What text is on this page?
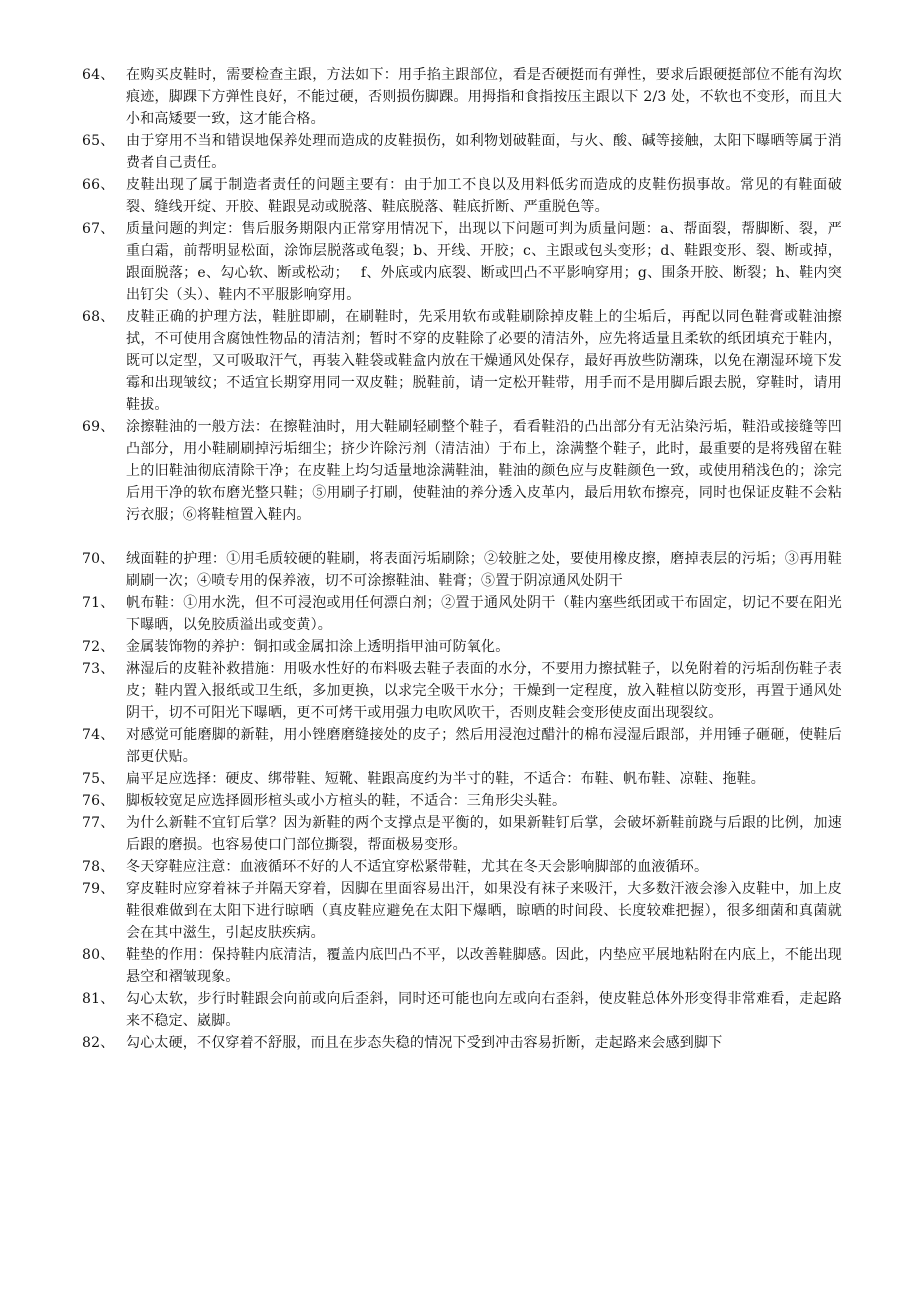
64、 在购买皮鞋时，需要检查主跟，方法如下：用手掐主跟部位，看是否硬挺而有弹性，要求后跟硬挺部位不能有沟坎痕迹，脚踝下方弹性良好，不能过硬，否则损伤脚踝。用拇指和食指按压主跟以下 2/3 处，不软也不变形，而且大小和高矮要一致，这才能合格。

65、 由于穿用不当和错误地保养处理而造成的皮鞋损伤，如利物划破鞋面，与火、酸、碱等接触，太阳下曝晒等属于消费者自己责任。

66、 皮鞋出现了属于制造者责任的问题主要有：由于加工不良以及用料低劣而造成的皮鞋伤损事故。常见的有鞋面破裂、缝线开绽、开胶、鞋跟晃动或脱落、鞋底脱落、鞋底折断、严重脱色等。

67、 质量问题的判定：售后服务期限内正常穿用情况下，出现以下问题可判为质量问题：a、帮面裂，帮脚断、裂，严重白霜，前帮明显松面，涂饰层脱落或龟裂；b、开线、开胶；c、主跟或包头变形；d、鞋跟变形、裂、断或掉，跟面脱落；e、勾心软、断或松动；　 f、外底或内底裂、断或凹凸不平影响穿用；g、围条开胶、断裂；h、鞋内突出钉尖（头）、鞋内不平服影响穿用。

68、 皮鞋正确的护理方法，鞋脏即刷，在刷鞋时，先采用软布或鞋刷除掉皮鞋上的尘垢后，再配以同色鞋膏或鞋油擦拭，不可使用含腐蚀性物品的清洁剂；暂时不穿的皮鞋除了必要的清洁外，应先将适量且柔软的纸团填充于鞋内，既可以定型，又可吸取汗气，再装入鞋袋或鞋盒内放在干燥通风处保存，最好再放些防潮珠，以免在潮湿环境下发霉和出现皱纹；不适宜长期穿用同一双皮鞋；脱鞋前，请一定松开鞋带，用手而不是用脚后跟去脱，穿鞋时，请用鞋拔。

69、 涂擦鞋油的一般方法：在擦鞋油时，用大鞋刷轻刷整个鞋子，看看鞋沿的凸出部分有无沾染污垢，鞋沿或接缝等凹凸部分，用小鞋刷刷掉污垢细尘；挤少许除污剂（清洁油）于布上，涂满整个鞋子，此时，最重要的是将残留在鞋上的旧鞋油彻底清除干净；在皮鞋上均匀适量地涂满鞋油，鞋油的颜色应与皮鞋颜色一致，或使用稍浅色的；涂完后用干净的软布磨光整只鞋；⑤用刷子打刷，使鞋油的养分透入皮革内，最后用软布擦亮，同时也保证皮鞋不会粘污衣服；⑥将鞋楦置入鞋内。

70、 绒面鞋的护理：①用毛质较硬的鞋刷，将表面污垢刷除；②较脏之处，要使用橡皮擦，磨掉表层的污垢；③再用鞋刷刷一次；④喷专用的保养液，切不可涂擦鞋油、鞋膏；⑤置于阴凉通风处阴干

71、 帆布鞋：①用水洗，但不可浸泡或用任何漂白剂；②置于通风处阴干（鞋内塞些纸团或干布固定，切记不要在阳光下曝晒，以免胶质溢出或变黄）。

72、 金属装饰物的养护：铜扣或金属扣涂上透明指甲油可防氧化。

73、 淋湿后的皮鞋补救措施：用吸水性好的布料吸去鞋子表面的水分，不要用力擦拭鞋子，以免附着的污垢刮伤鞋子表皮；鞋内置入报纸或卫生纸，多加更换，以求完全吸干水分；干燥到一定程度，放入鞋楦以防变形，再置于通风处阴干，切不可阳光下曝晒，更不可烤干或用强力电吹风吹干，否则皮鞋会变形使皮面出现裂纹。

74、 对感觉可能磨脚的新鞋，用小锉磨磨缝接处的皮子；然后用浸泡过醋汁的棉布浸湿后跟部，并用锤子砸砸，使鞋后部更伏贴。

75、 扁平足应选择：硬皮、绑带鞋、短靴、鞋跟高度约为半寸的鞋，不适合：布鞋、帆布鞋、凉鞋、拖鞋。

76、 脚板较宽足应选择圆形楦头或小方楦头的鞋，不适合：三角形尖头鞋。

77、 为什么新鞋不宜钉后掌？因为新鞋的两个支撑点是平衡的，如果新鞋钉后掌，会破坏新鞋前跷与后跟的比例，加速后跟的磨损。也容易使口门部位撕裂，帮面极易变形。

78、 冬天穿鞋应注意：血液循环不好的人不适宜穿松紧带鞋，尤其在冬天会影响脚部的血液循环。

79、 穿皮鞋时应穿着袜子并隔天穿着，因脚在里面容易出汗，如果没有袜子来吸汗，大多数汗液会渗入皮鞋中，加上皮鞋很难做到在太阳下进行晾晒（真皮鞋应避免在太阳下爆晒，晾晒的时间段、长度较难把握），很多细菌和真菌就会在其中滋生，引起皮肤疾病。

80、 鞋垫的作用：保持鞋内底清洁，覆盖内底凹凸不平，以改善鞋脚感。因此，内垫应平展地粘附在内底上，不能出现悬空和褶皱现象。

81、 勾心太软，步行时鞋跟会向前或向后歪斜，同时还可能也向左或向右歪斜，使皮鞋总体外形变得非常难看，走起路来不稳定、崴脚。

82、 勾心太硬，不仅穿着不舒服，而且在步态失稳的情况下受到冲击容易折断，走起路来会感到脚下
